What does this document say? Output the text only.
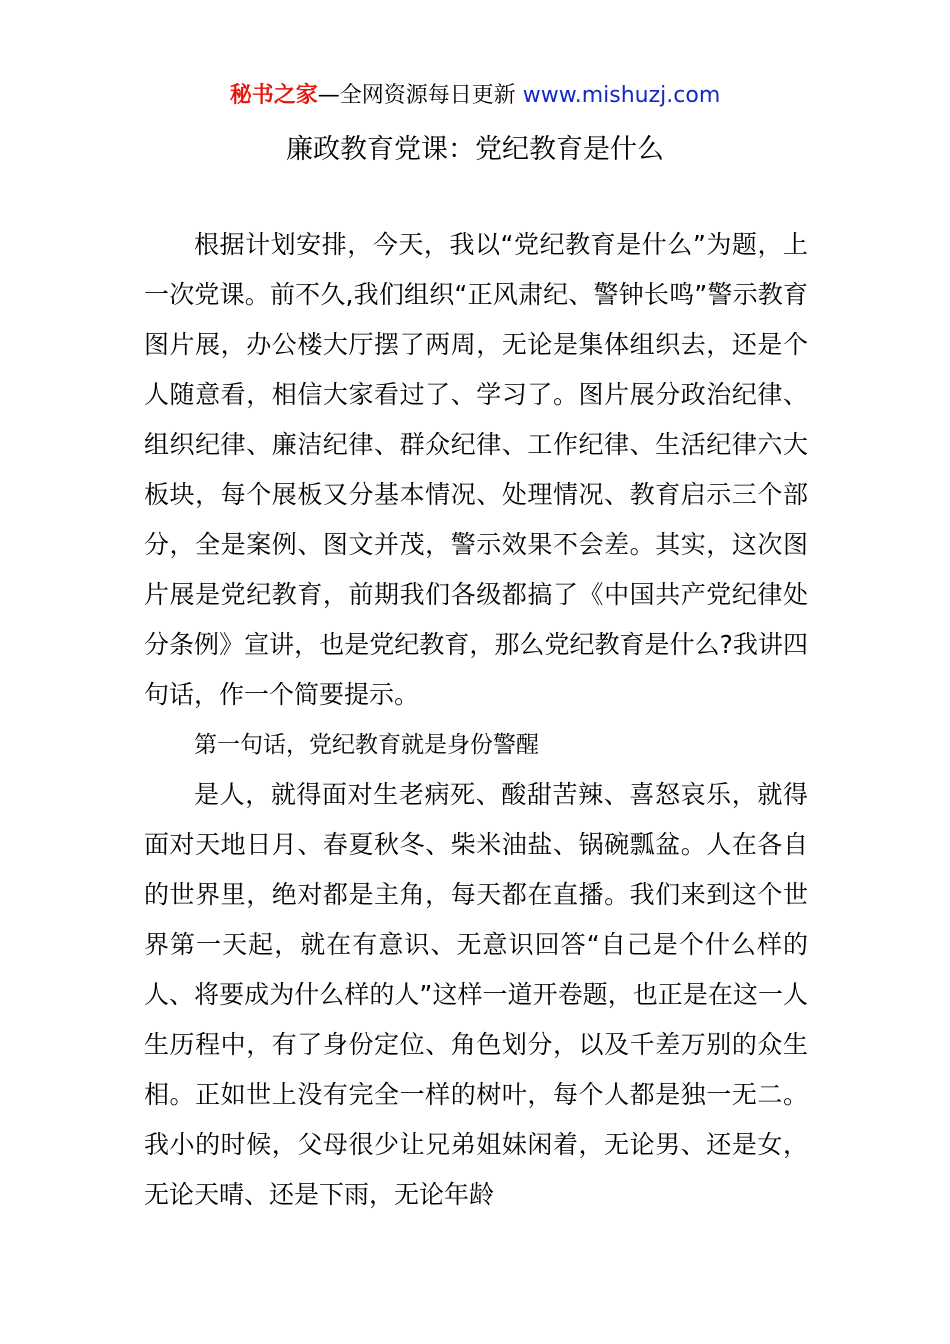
秘书之家—全网资源每日更新 www.mishuzj.com
廉政教育党课：党纪教育是什么

根据计划安排，今天，我以“党纪教育是什么”为题，上一次党课。前不久,我们组织“正风肃纪、警钟长鸣”警示教育图片展，办公楼大厅摆了两周，无论是集体组织去，还是个人随意看，相信大家看过了、学习了。图片展分政治纪律、组织纪律、廉洁纪律、群众纪律、工作纪律、生活纪律六大板块，每个展板又分基本情况、处理情况、教育启示三个部分，全是案例、图文并茂，警示效果不会差。其实，这次图片展是党纪教育，前期我们各级都搞了《中国共产党纪律处分条例》宣讲，也是党纪教育，那么党纪教育是什么?我讲四句话，作一个简要提示。

第一句话，党纪教育就是身份警醒

是人，就得面对生老病死、酸甜苦辣、喜怒哀乐，就得面对天地日月、春夏秋冬、柴米油盐、锅碗瓢盆。人在各自的世界里，绝对都是主角，每天都在直播。我们来到这个世界第一天起，就在有意识、无意识回答“自己是个什么样的人、将要成为什么样的人”这样一道开卷题，也正是在这一人生历程中，有了身份定位、角色划分，以及千差万别的众生相。正如世上没有完全一样的树叶，每个人都是独一无二。我小的时候，父母很少让兄弟姐妹闲着，无论男、还是女，无论天晴、还是下雨，无论年龄
